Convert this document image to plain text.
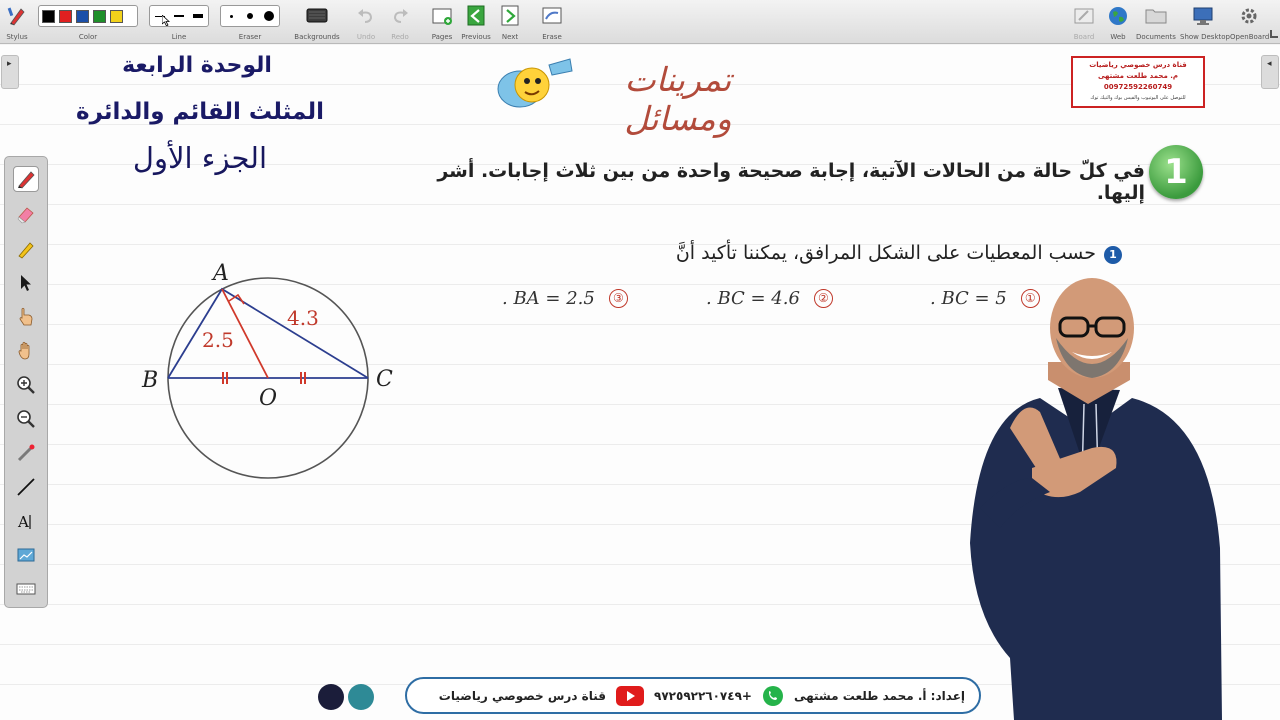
Stylus	Color	Line	Eraser	Backgrounds	Undo	Redo	Pages	Previous	Next	Erase	Board	Web	Documents Show Desktop OpenBoard
▸	◂
A
الوحدة الرابعة
المثلث القائم والدائرة
الجزء الأول
تمرينات ومسائل
قناة درس خصوصي رياضيات
م. محمد طلعت مشتهى
00972592260749
للتوصل على اليوتيوب والفيس بوك والتيك توك
1
في كلّ حالة من الحالات الآتية، إجابة صحيحة واحدة من بين ثلاث إجابات. أشر إليها.
1
حسب المعطيات على الشكل المرافق، يمكننا تأكيد أنَّ
. BC = 5	①
. BC = 4.6	②
. BA = 2.5	③
A
B	C
O
2.5
4.3
إعداد: أ. محمد طلعت مشتهى
+٩٧٢٥٩٢٢٦٠٧٤٩
قناة درس خصوصي رياضيات
